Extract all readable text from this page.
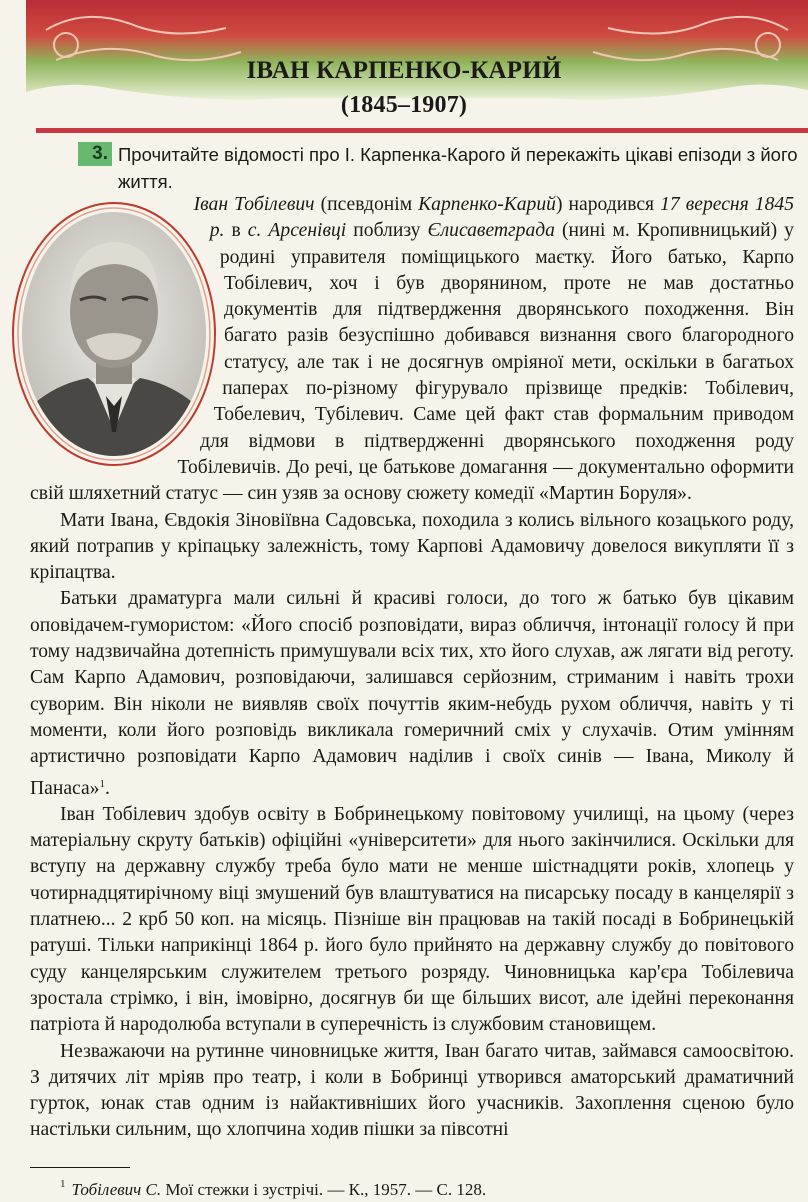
ІВАН КАРПЕНКО-КАРИЙ
(1845–1907)
3. Прочитайте відомості про І. Карпенка-Карого й перекажіть цікаві епізоди з його життя.

Іван Тобілевич (псевдонім Карпенко-Карий) народився 17 вересня 1845 р. в с. Арсенівці поблизу Єлисаветграда (нині м. Кропивницький) у родині управителя поміщицького маєтку. Його батько, Карпо Тобілевич, хоч і був дворянином, проте не мав достатньо документів для підтвердження дворянського походження. Він багато разів безуспішно добивався визнання свого благородного статусу, але так і не досягнув омріяної мети, оскільки в багатьох паперах по-різному фігурувало прізвище предків: Тобілевич, Тобелевич, Тубілевич. Саме цей факт став формальним приводом для відмови в підтвердженні дворянського походження роду Тобілевичів. До речі, це батькове домагання — документально оформити свій шляхетний статус — син узяв за основу сюжету комедії «Мартин Боруля».

Мати Івана, Євдокія Зіновіївна Садовська, походила з колись вільного козацького роду, який потрапив у кріпацьку залежність, тому Карпові Адамовичу довелося викупляти її з кріпацтва.

Батьки драматурга мали сильні й красиві голоси, до того ж батько був цікавим оповідачем-гумористом: «Його спосіб розповідати, вираз обличчя, інтонації голосу й при тому надзвичайна дотепність примушували всіх тих, хто його слухав, аж лягати від реготу. Сам Карпо Адамович, розповідаючи, залишався серйозним, стриманим і навіть трохи суворим. Він ніколи не виявляв своїх почуттів яким-небудь рухом обличчя, навіть у ті моменти, коли його розповідь викликала гомеричний сміх у слухачів. Отим умінням артистично розповідати Карпо Адамович наділив і своїх синів — Івана, Миколу й Панаса»$^1$.

Іван Тобілевич здобув освіту в Бобринецькому повітовому училищі, на цьому (через матеріальну скруту батьків) офіційні «університети» для нього закінчилися. Оскільки для вступу на державну службу треба було мати не менше шістнадцяти років, хлопець у чотирнадцятирічному віці змушений був влаштуватися на писарську посаду в канцелярії з платнею... 2 крб 50 коп. на місяць. Пізніше він працював на такій посаді в Бобринецькій ратуші. Тільки наприкінці 1864 р. його було прийнято на державну службу до повітового суду канцелярським служителем третього розряду. Чиновницька кар'єра Тобілевича зростала стрімко, і він, імовірно, досягнув би ще більших висот, але ідейні переконання патріота й народолюба вступали в суперечність із службовим становищем.

Незважаючи на рутинне чиновницьке життя, Іван багато читав, займався самоосвітою. З дитячих літ мріяв про театр, і коли в Бобринці утворився аматорський драматичний гурток, юнак став одним із найактивніших його учасників. Захоплення сценою було настільки сильним, що хлопчина ходив пішки за півсотні

$^1$ Тобілевич С. Мої стежки і зустрічі. — К., 1957. — С. 128.
